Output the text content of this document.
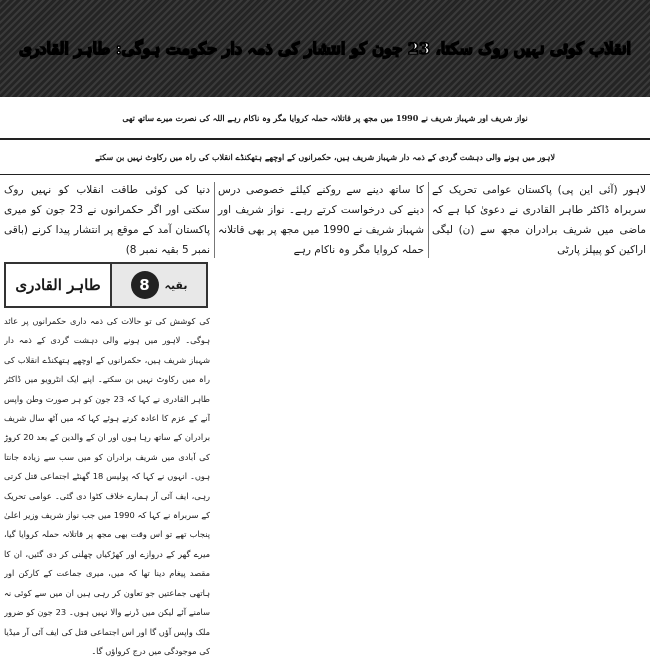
انقلاب کوئی نہیں روک سکتا، 23 جون کو انتشار کی ذمہ دار حکومت ہوگی: طاہر القادری
نواز شریف اور شہباز شریف نے 1990 میں مجھ پر قاتلانہ حملہ کروایا مگر وہ ناکام رہے اللہ کی نصرت میرے ساتھ تھی
لاہور میں ہونے والی دہشت گردی کے ذمہ دار شہباز شریف ہیں، حکمرانوں کے اوچھے ہتھکنڈے انقلاب کی راہ میں رکاوٹ نہیں بن سکتے

لاہور (آئی این پی) پاکستان عوامی تحریک کے سربراہ ڈاکٹر طاہر القادری نے دعویٰ کیا ہے کہ ماضی میں شریف برادران مجھ سے (ن) لیگی اراکین کو پیپلز پارٹی

کا ساتھ دینے سے روکنے کیلئے خصوصی درس دینے کی درخواست کرتے رہے۔ نواز شریف اور شہباز شریف نے 1990 میں مجھ پر بھی قاتلانہ حملہ کروایا مگر وہ ناکام رہے

دنیا کی کوئی طاقت انقلاب کو نہیں روک سکتی اور اگر حکمرانوں نے 23 جون کو میری پاکستان آمد کے موقع پر انتشار پیدا کرنے (باقی نمبر 5 بقیہ نمبر 8)

طاہر القادری	8	بقیہ

کی کوشش کی تو حالات کی ذمہ داری حکمرانوں پر عائد ہوگی۔ لاہور میں ہونے والی دہشت گردی کے ذمہ دار شہباز شریف ہیں، حکمرانوں کے اوچھے ہتھکنڈے انقلاب کی راہ میں رکاوٹ نہیں بن سکتے۔ اپنے ایک انٹرویو میں ڈاکٹر طاہر القادری نے کہا کہ 23 جون کو ہر صورت وطن واپس آنے کے عزم کا اعادہ کرتے ہوئے کہا کہ میں آٹھ سال شریف برادران کے ساتھ رہا ہوں اور ان کے والدین کے بعد 20 کروڑ کی آبادی میں شریف برادران کو میں سب سے زیادہ جانتا ہوں۔ انہوں نے کہا کہ پولیس 18 گھنٹے اجتماعی قتل کرتی رہی، ایف آئی آر ہمارے خلاف کٹوا دی گئی۔ عوامی تحریک کے سربراہ نے کہا کہ 1990 میں جب نواز شریف وزیر اعلیٰ پنجاب تھے تو اس وقت بھی مجھ پر قاتلانہ حملہ کروایا گیا، میرے گھر کے دروازے اور کھڑکیاں چھلنی کر دی گئیں، ان کا مقصد پیغام دینا تھا کہ میں، میری جماعت کے کارکن اور ہاتھی جماعتیں جو تعاون کر رہی ہیں ان میں سے کوئی نہ سامنے آئے لیکن میں ڈرنے والا نہیں ہوں۔ 23 جون کو ضرور ملک واپس آؤں گا اور اس اجتماعی قتل کی ایف آئی آر میڈیا کی موجودگی میں درج کرواؤں گا۔
